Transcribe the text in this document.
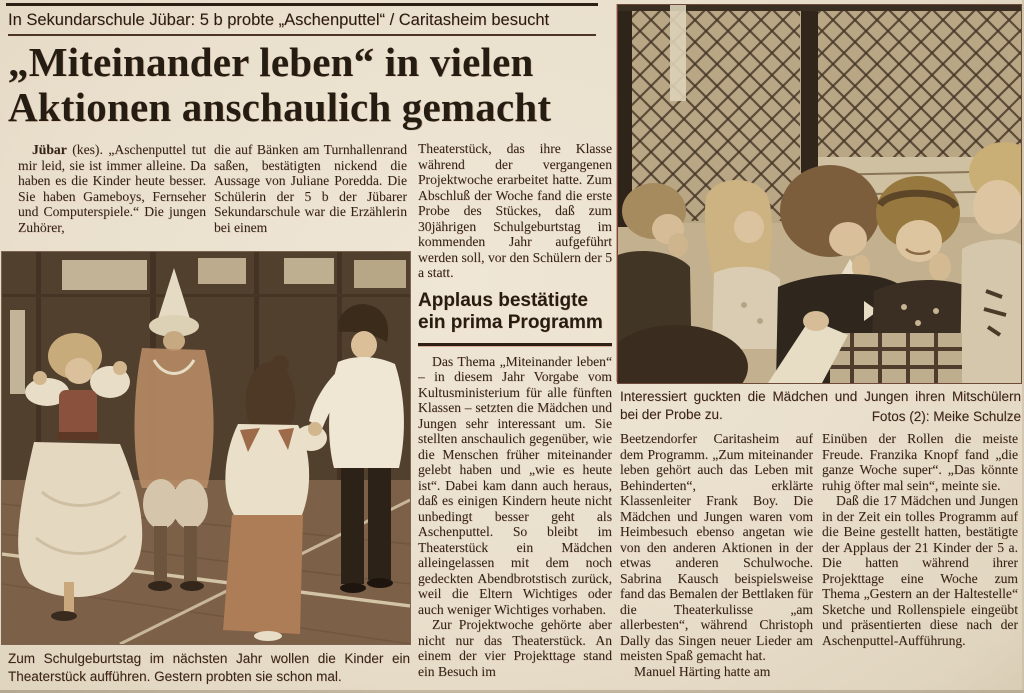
In Sekundarschule Jübar: 5 b probte „Aschenputtel“ / Caritasheim besucht
„Miteinander leben“ in vielen
Aktionen anschaulich gemacht

Jübar (kes). „Aschenputtel tut mir leid, sie ist immer alleine. Da haben es die Kinder heute besser. Sie haben Gameboys, Fernseher und Computerspiele.“ Die jungen Zuhörer,

die auf Bänken am Turnhallenrand saßen, bestätigten nickend die Aussage von Juliane Poredda. Die Schülerin der 5 b der Jübarer Sekundarschule war die Erzählerin bei einem

Theaterstück, das ihre Klasse während der vergangenen Projektwoche erarbeitet hatte. Zum Abschluß der Woche fand die erste Probe des Stückes, daß zum 30jährigen Schulgeburtstag im kommenden Jahr aufgeführt werden soll, vor den Schülern der 5 a statt.

Applaus bestätigte ein prima Programm

Das Thema „Miteinander leben“ – in diesem Jahr Vorgabe vom Kultusministerium für alle fünften Klassen – setzten die Mädchen und Jungen sehr interessant um. Sie stellten anschaulich gegenüber, wie die Menschen früher miteinander gelebt haben und „wie es heute ist“. Dabei kam dann auch heraus, daß es einigen Kindern heute nicht unbedingt besser geht als Aschenputtel. So bleibt im Theaterstück ein Mädchen alleingelassen mit dem noch gedeckten Abendbrotstisch zurück, weil die Eltern Wichtiges oder auch weniger Wichtiges vorhaben.

Zur Projektwoche gehörte aber nicht nur das Theaterstück. An einem der vier Projekttage stand ein Besuch im

Beetzendorfer Caritasheim auf dem Programm. „Zum miteinander leben gehört auch das Leben mit Behinderten“, erklärte Klassenleiter Frank Boy. Die Mädchen und Jungen waren vom Heimbesuch ebenso angetan wie von den anderen Aktionen in der etwas anderen Schulwoche. Sabrina Kausch beispielsweise fand das Bemalen der Bettlaken für die Theaterkulisse „am allerbesten“, während Christoph Dally das Singen neuer Lieder am meisten Spaß gemacht hat.

Manuel Härting hatte am

Einüben der Rollen die meiste Freude. Franzika Knopf fand „die ganze Woche super“. „Das könnte ruhig öfter mal sein“, meinte sie.

Daß die 17 Mädchen und Jungen in der Zeit ein tolles Programm auf die Beine gestellt hatten, bestätigte der Applaus der 21 Kinder der 5 a. Die hatten während ihrer Projekttage eine Woche zum Thema „Gestern an der Haltestelle“ Sketche und Rollenspiele eingeübt und präsentierten diese nach der Aschenputtel-Aufführung.

Zum Schulgeburtstag im nächsten Jahr wollen die Kinder ein Theaterstück aufführen. Gestern probten sie schon mal.
Interessiert guckten die Mädchen und Jungen ihren Mitschülern bei der Probe zu.	Fotos (2): Meike Schulze
